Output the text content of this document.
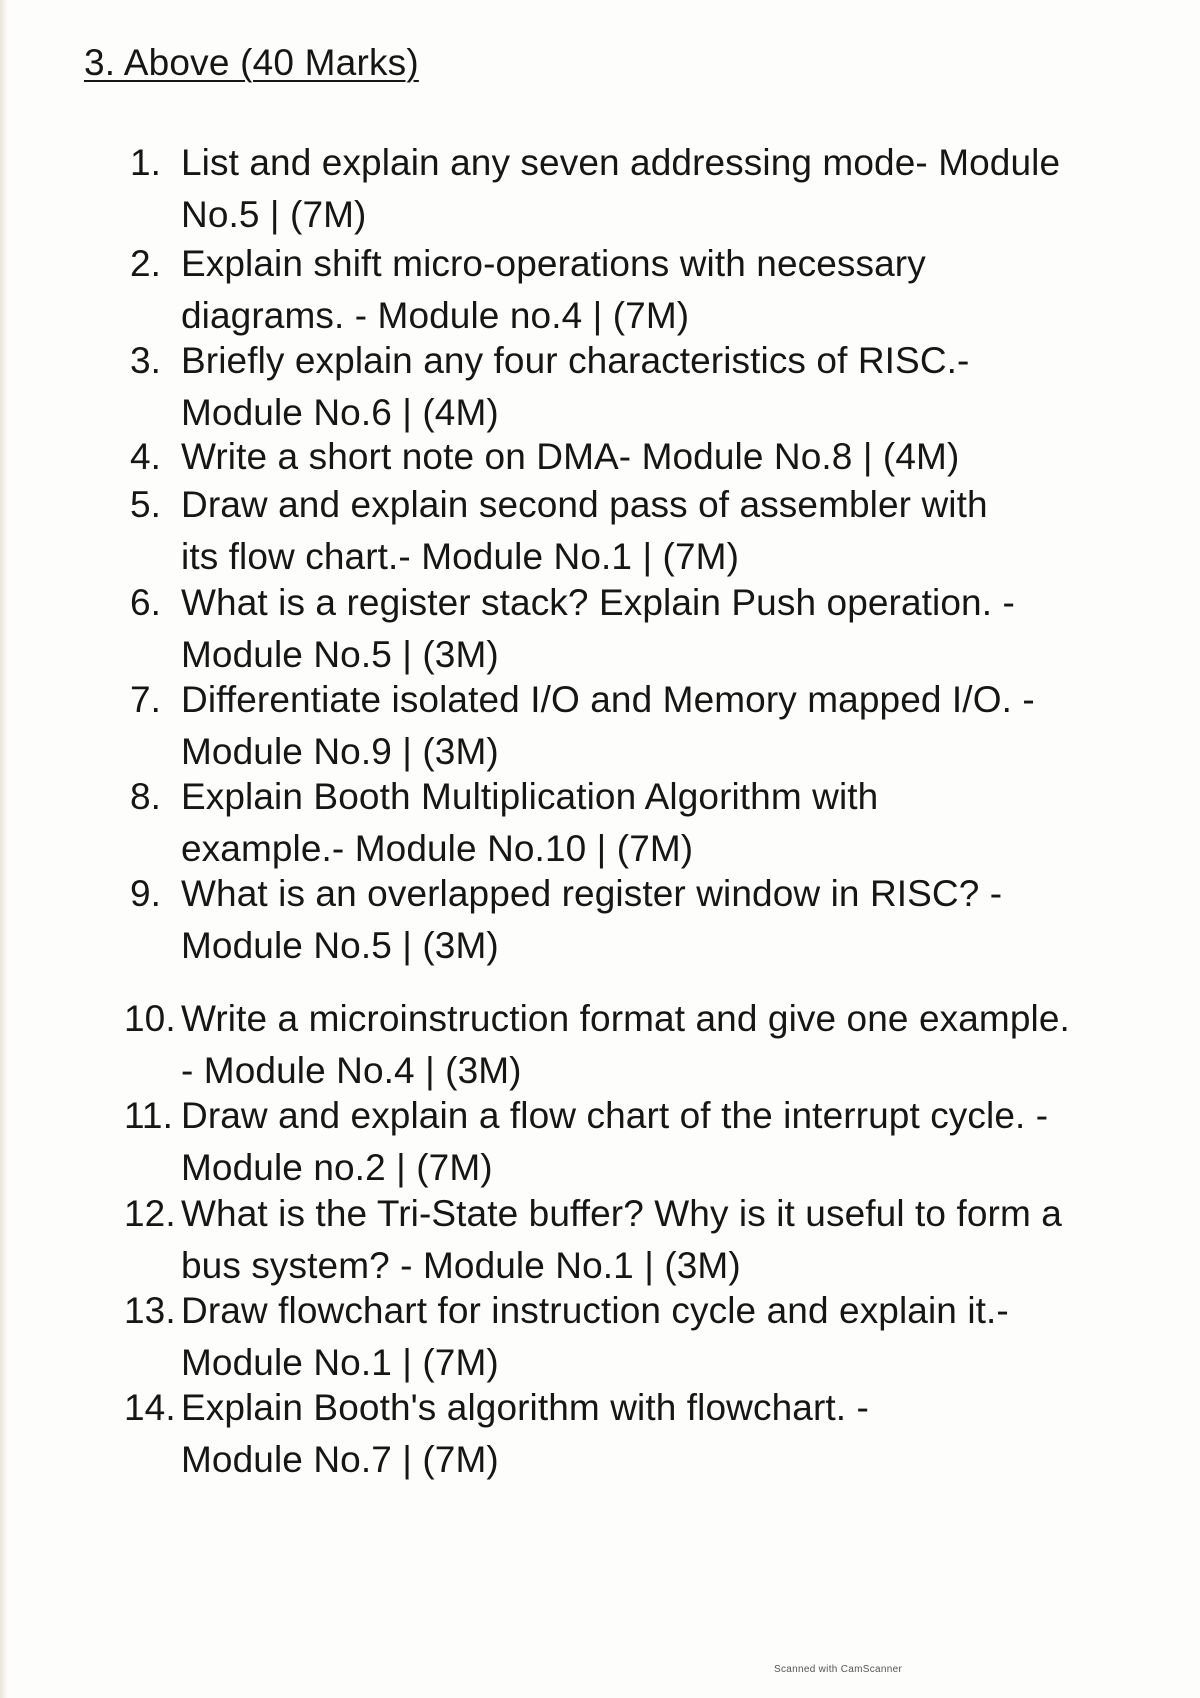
3. Above (40 Marks)
1. List and explain any seven addressing mode- Module No.5 | (7M)
2. Explain shift micro-operations with necessary diagrams. - Module no.4 | (7M)
3. Briefly explain any four characteristics of RISC.- Module No.6 | (4M)
4. Write a short note on DMA- Module No.8 | (4M)
5. Draw and explain second pass of assembler with its flow chart.- Module No.1 | (7M)
6. What is a register stack? Explain Push operation. - Module No.5 | (3M)
7. Differentiate isolated I/O and Memory mapped I/O. - Module No.9 | (3M)
8. Explain Booth Multiplication Algorithm with example.- Module No.10 | (7M)
9. What is an overlapped register window in RISC? - Module No.5 | (3M)
10. Write a microinstruction format and give one example. - Module No.4 | (3M)
11. Draw and explain a flow chart of the interrupt cycle. - Module no.2 | (7M)
12. What is the Tri-State buffer? Why is it useful to form a bus system? - Module No.1 | (3M)
13. Draw flowchart for instruction cycle and explain it.- Module No.1 | (7M)
14. Explain Booth's algorithm with flowchart. - Module No.7 | (7M)
Scanned with CamScanner
